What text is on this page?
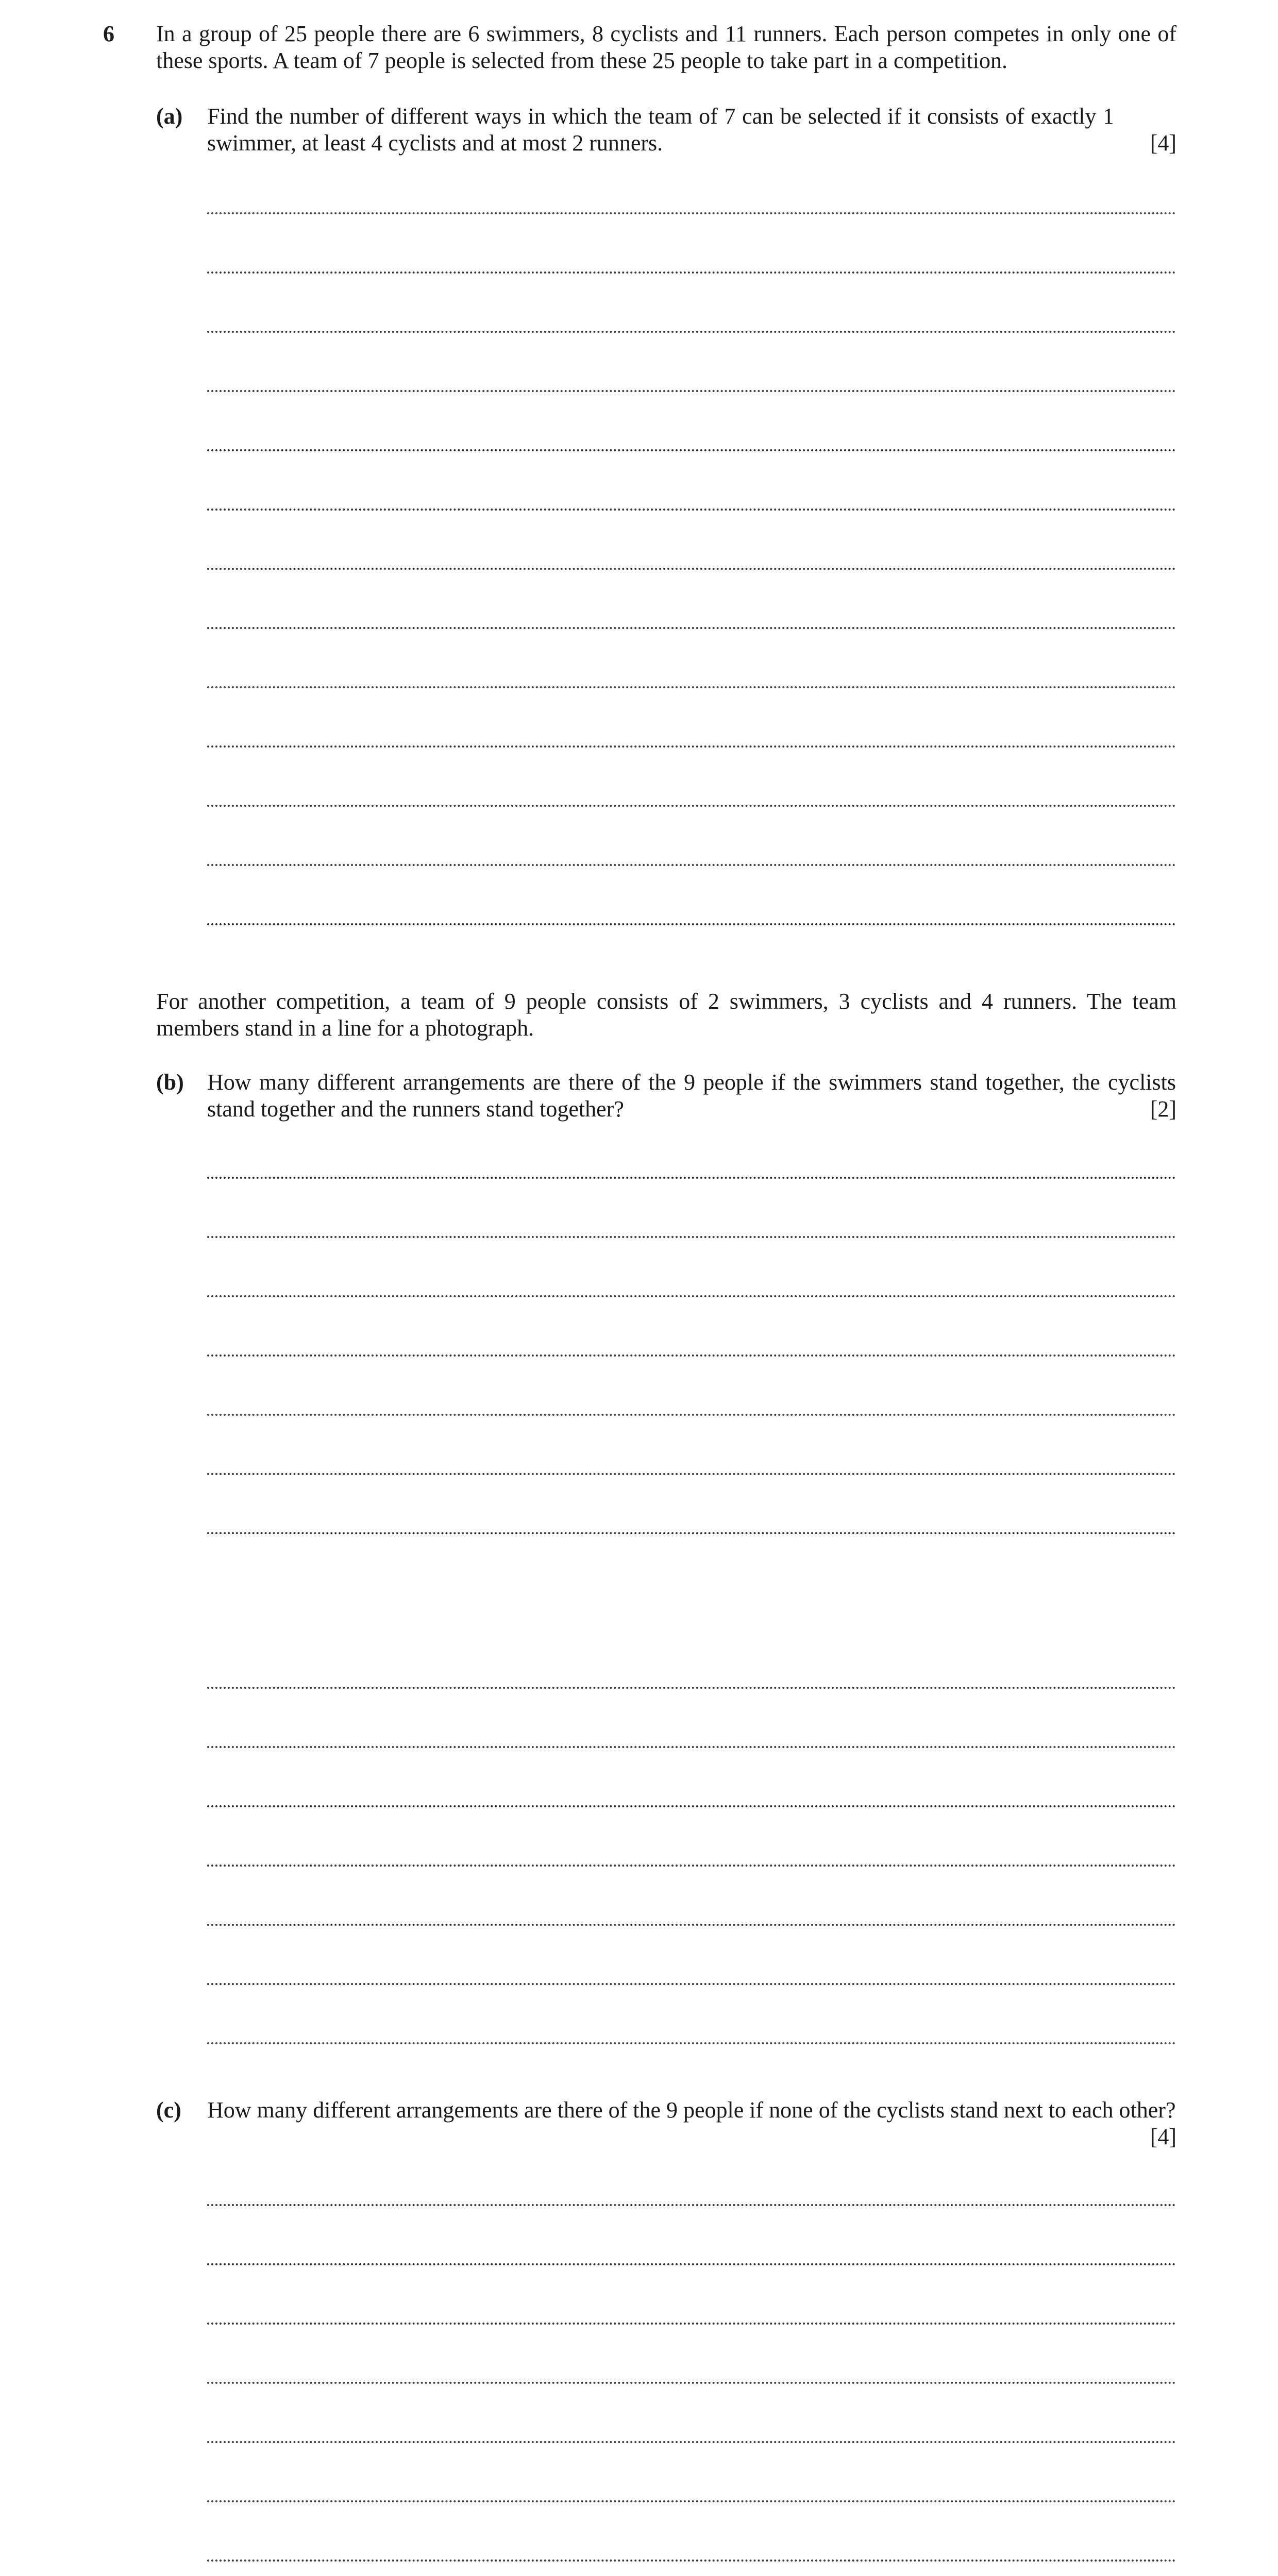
6 In a group of 25 people there are 6 swimmers, 8 cyclists and 11 runners. Each person competes in only one of these sports. A team of 7 people is selected from these 25 people to take part in a competition.
(a) Find the number of different ways in which the team of 7 can be selected if it consists of exactly 1 swimmer, at least 4 cyclists and at most 2 runners.	[4]
For another competition, a team of 9 people consists of 2 swimmers, 3 cyclists and 4 runners. The team members stand in a line for a photograph.
(b) How many different arrangements are there of the 9 people if the swimmers stand together, the cyclists stand together and the runners stand together?	[2]
(c) How many different arrangements are there of the 9 people if none of the cyclists stand next to each other?
[4]
